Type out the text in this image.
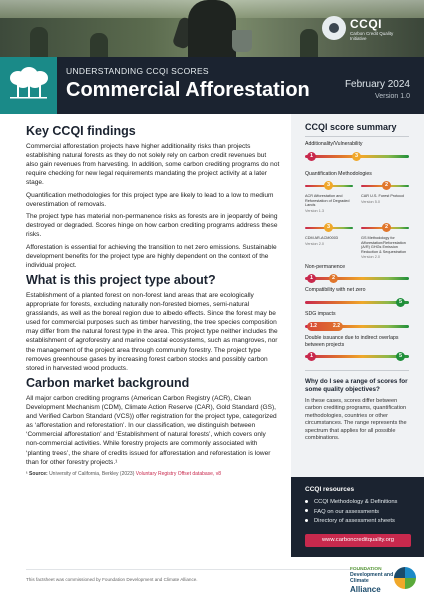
CCQI
Carbon Credit Quality Initiative
UNDERSTANDING CCQI SCORES
Commercial Afforestation	February 2024
Version 1.0
Key CCQI findings

Commercial afforestation projects have higher additionality risks than projects establishing natural forests as they do not solely rely on carbon credit revenues but also gain revenues from harvesting. In addition, some carbon crediting programs do not require checking for new legal requirements mandating the project activity at a later stage.

Quantification methodologies for this project type are likely to lead to a low to medium overestimation of removals.

The project type has material non-permanence risks as forests are in jeopardy of being destroyed or degraded. Scores hinge on how carbon crediting programs address these risks.

Afforestation is essential for achieving the transition to net zero emissions. Sustainable development benefits for the project type are highly dependent on the context of the individual project.

What is this project type about?

Establishment of a planted forest on non-forest land areas that are ecologically appropriate for forests, excluding naturally non-forested biomes, semi-natural grasslands, as well as the boreal region due to albedo effects. Since the forest may be used for commercial purposes such as timber harvesting, the tree species composition may differ from the natural forest type in the area. This project type neither includes the establishment of agroforestry and marine coastal ecosystems, such as mangroves, nor the management of the project area through community forestry. The project type removes greenhouse gases by increasing forest carbon stocks and possibly carbon stored in harvested wood products.

Carbon market background

All major carbon crediting programs (American Carbon Registry (ACR), Clean Development Mechanism (CDM), Climate Action Reserve (CAR), Gold Standard (GS), and Verified Carbon Standard (VCS)) offer registration for the project type, categorized as ‘afforestation and reforestation’. In our classification, we distinguish between ‘Commercial afforestation’ and ‘Establishment of natural forests’, which covers only non-commercial activities. While forestry projects are commonly associated with ‘planting trees’, the share of credits issued for afforestation and reforestation is lower than for other forestry projects.¹

¹ Source: University of California, Berkley (2023) Voluntary Registry Offset database, v8
CCQI score summary
Additionality/Vulnerability
1	3
Quantification Methodologies
3
ACR Afforestation and Reforestation of Degraded Lands
Version 1.3
2
CAR U.S. Forest Protocol
Version 5.0
3
CDM AR-ACM0003
Version 2.0
2
GS Methodology for Afforestation/Reforestation (A/R) GHGs Emission Reduction & Sequestration
Version 2.0
Non-permanence
1	2
Compatibility with net zero
5
SDG impacts
1.2	2.2
Double issuance due to indirect overlaps between projects
1	5
Why do I see a range of scores for some quality objectives?
In these cases, scores differ between carbon crediting programs, quantification methodologies, countries or other circumstances. The range represents the spectrum that applies for all possible combinations.
CCQI resources
CCQI Methodology & Definitions
FAQ on our assessments
Directory of assessment sheets
www.carboncreditquality.org
This factsheet was commissioned by Foundation Development and Climate Alliance.
FOUNDATION
Development and Climate
Alliance
